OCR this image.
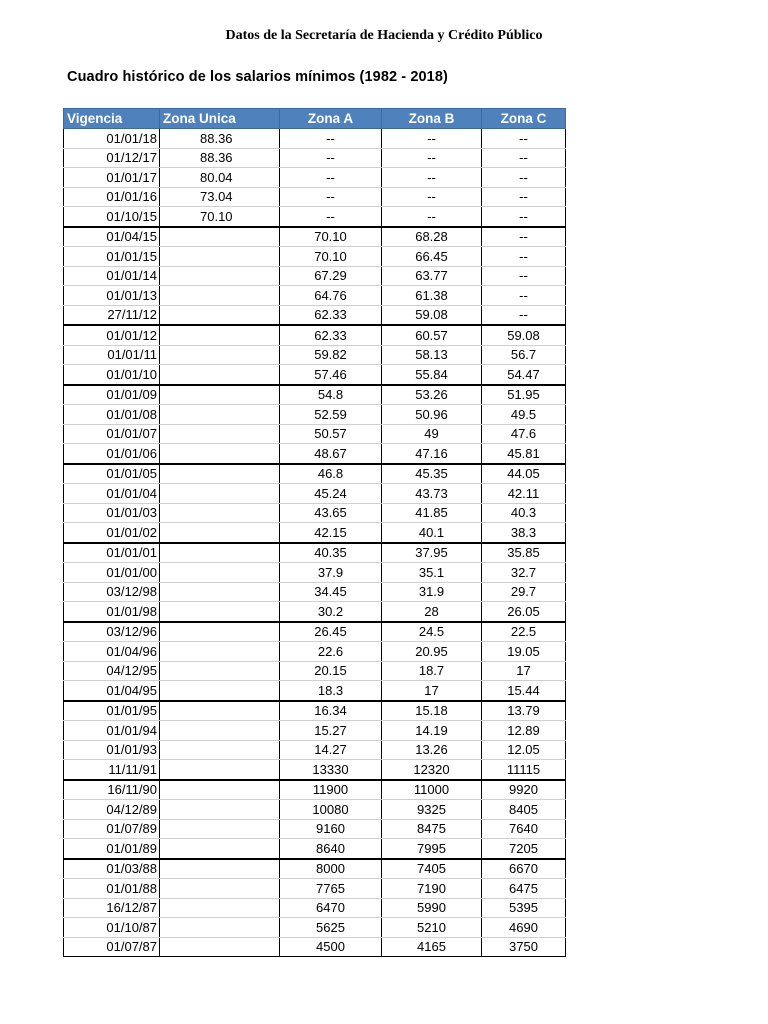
Datos de la Secretaría de Hacienda y Crédito Público
Cuadro histórico de los salarios mínimos (1982 - 2018)
Vigencia	Zona Unica	Zona A	Zona B	Zona C
01/01/18	88.36	--	--	--
01/12/17	88.36	--	--	--
01/01/17	80.04	--	--	--
01/01/16	73.04	--	--	--
01/10/15	70.10	--	--	--
01/04/15		70.10	68.28	--
01/01/15		70.10	66.45	--
01/01/14		67.29	63.77	--
01/01/13		64.76	61.38	--
27/11/12		62.33	59.08	--
01/01/12		62.33	60.57	59.08
01/01/11		59.82	58.13	56.7
01/01/10		57.46	55.84	54.47
01/01/09		54.8	53.26	51.95
01/01/08		52.59	50.96	49.5
01/01/07		50.57	49	47.6
01/01/06		48.67	47.16	45.81
01/01/05		46.8	45.35	44.05
01/01/04		45.24	43.73	42.11
01/01/03		43.65	41.85	40.3
01/01/02		42.15	40.1	38.3
01/01/01		40.35	37.95	35.85
01/01/00		37.9	35.1	32.7
03/12/98		34.45	31.9	29.7
01/01/98		30.2	28	26.05
03/12/96		26.45	24.5	22.5
01/04/96		22.6	20.95	19.05
04/12/95		20.15	18.7	17
01/04/95		18.3	17	15.44
01/01/95		16.34	15.18	13.79
01/01/94		15.27	14.19	12.89
01/01/93		14.27	13.26	12.05
11/11/91		13330	12320	11115
16/11/90		11900	11000	9920
04/12/89		10080	9325	8405
01/07/89		9160	8475	7640
01/01/89		8640	7995	7205
01/03/88		8000	7405	6670
01/01/88		7765	7190	6475
16/12/87		6470	5990	5395
01/10/87		5625	5210	4690
01/07/87		4500	4165	3750
